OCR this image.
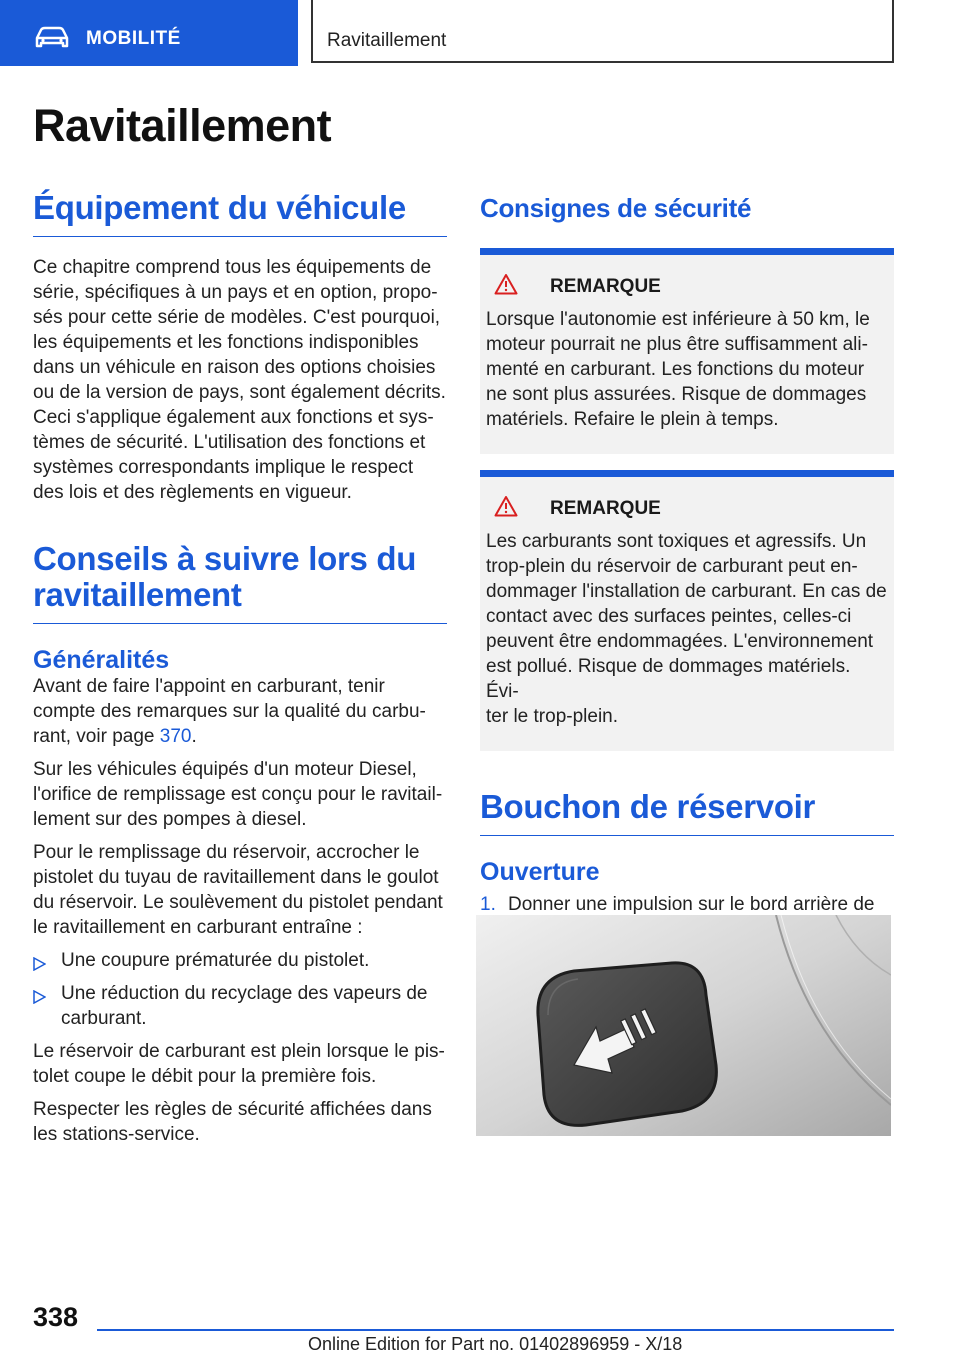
MOBILITÉ	Ravitaillement
Ravitaillement
Équipement du véhicule

Ce chapitre comprend tous les équipements de
série, spécifiques à un pays et en option, propo-
sés pour cette série de modèles. C'est pourquoi,
les équipements et les fonctions indisponibles
dans un véhicule en raison des options choisies
ou de la version de pays, sont également décrits.
Ceci s'applique également aux fonctions et sys-
tèmes de sécurité. L'utilisation des fonctions et
systèmes correspondants implique le respect
des lois et des règlements en vigueur.

Conseils à suivre lors du
ravitaillement
Généralités

Avant de faire l'appoint en carburant, tenir
compte des remarques sur la qualité du carbu-
rant, voir page 370.

Sur les véhicules équipés d'un moteur Diesel,
l'orifice de remplissage est conçu pour le ravitail-
lement sur des pompes à diesel.

Pour le remplissage du réservoir, accrocher le
pistolet du tuyau de ravitaillement dans le goulot
du réservoir. Le soulèvement du pistolet pendant
le ravitaillement en carburant entraîne :

Une coupure prématurée du pistolet.
Une réduction du recyclage des vapeurs de
carburant.

Le réservoir de carburant est plein lorsque le pis-
tolet coupe le débit pour la première fois.

Respecter les règles de sécurité affichées dans
les stations-service.

Consignes de sécurité
REMARQUE

Lorsque l'autonomie est inférieure à 50 km, le
moteur pourrait ne plus être suffisamment ali-
menté en carburant. Les fonctions du moteur
ne sont plus assurées. Risque de dommages
matériels. Refaire le plein à temps.

REMARQUE

Les carburants sont toxiques et agressifs. Un
trop-plein du réservoir de carburant peut en-
dommager l'installation de carburant. En cas de
contact avec des surfaces peintes, celles-ci
peuvent être endommagées. L'environnement
est pollué. Risque de dommages matériels. Évi-
ter le trop-plein.

Bouchon de réservoir
Ouverture
1. Donner une impulsion sur le bord arrière de

338
Online Edition for Part no. 01402896959 - X/18
